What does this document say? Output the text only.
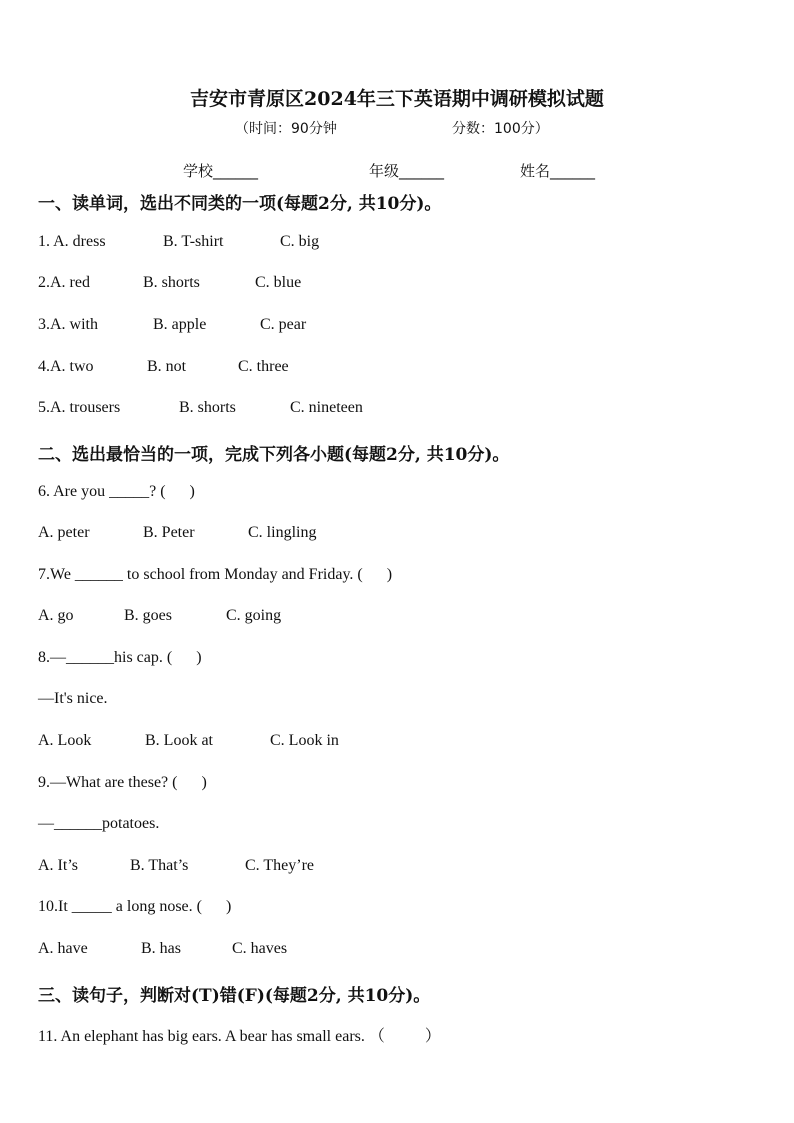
吉安市青原区2024年三下英语期中调研模拟试题
（时间：90分钟	分数：100分）
学校______	年级______	姓名______
一、读单词，选出不同类的一项(每题2分, 共10分)。
1. A. dress	B. T-shirt	C. big
2.A. red	B. shorts	C. blue
3.A. with	B. apple	C. pear
4.A. two	B. not	C. three
5.A. trousers	B. shorts	C. nineteen
二、选出最恰当的一项，完成下列各小题(每题2分, 共10分)。
6. Are you _____? (      )
A. peter	B. Peter	C. lingling
7.We ______ to school from Monday and Friday. (      )
A. go	B. goes	C. going
8.—______his cap. (      )
—It's nice.
A. Look	B. Look at	C. Look in
9.—What are these? (      )
—______potatoes.
A. It’s	B. That’s	C. They’re
10.It _____ a long nose. (      )
A. have	B. has	C. haves
三、读句子，判断对(T)错(F)(每题2分, 共10分)。
11. An elephant has big ears. A bear has small ears. （          ）
